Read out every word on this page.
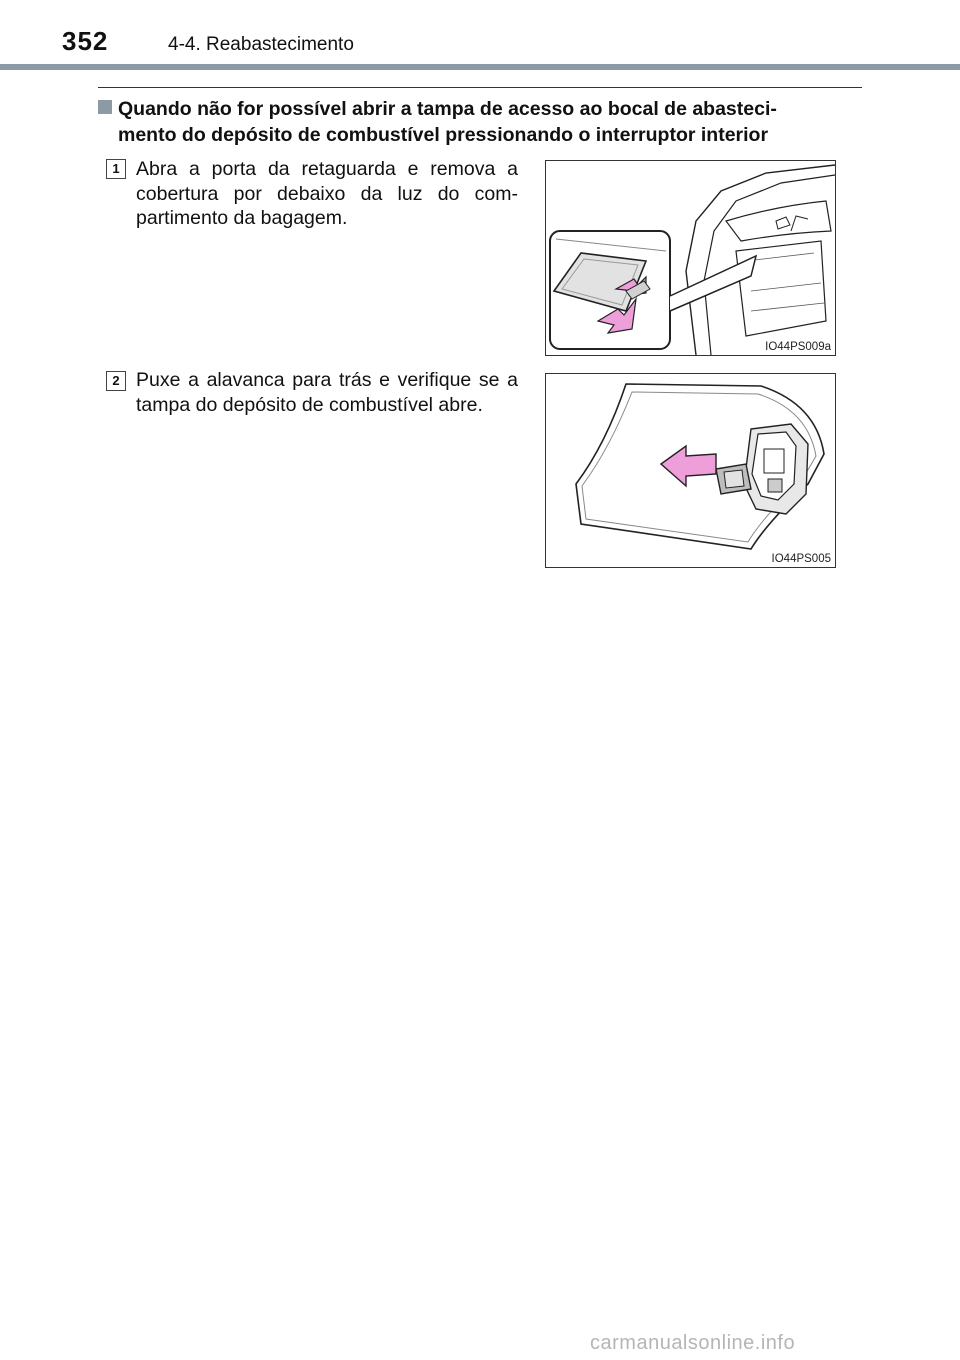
352	4-4. Reabastecimento
Quando não for possível abrir a tampa de acesso ao bocal de abasteci-
mento do depósito de combustível pressionando o interruptor interior
1 Abra a porta da retaguarda e remova a cobertura por debaixo da luz do com- partimento da bagagem.
IO44PS009a
2 Puxe a alavanca para trás e verifique se a tampa do depósito de combustível abre.
IO44PS005
carmanualsonline.info
